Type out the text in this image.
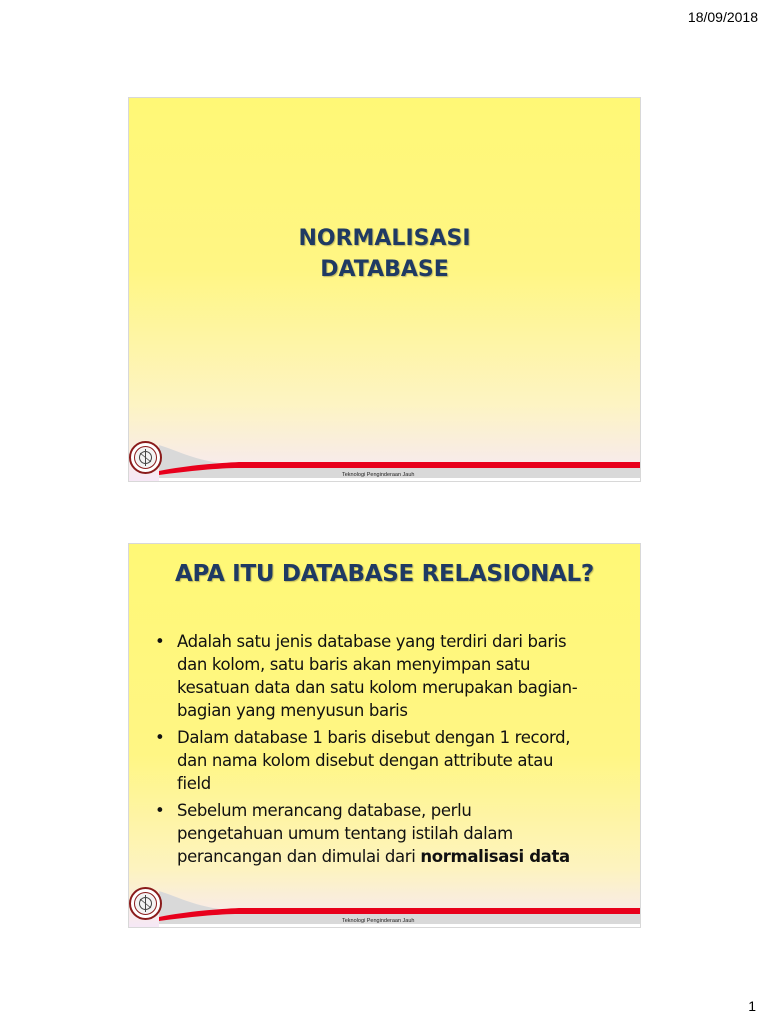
18/09/2018
NORMALISASI
DATABASE
Teknologi Penginderaan Jauh
APA ITU DATABASE RELASIONAL?
• Adalah satu jenis database yang terdiri dari baris
dan kolom, satu baris akan menyimpan satu
kesatuan data dan satu kolom merupakan bagian-
bagian yang menyusun baris
• Dalam database 1 baris disebut dengan 1 record,
dan nama kolom disebut dengan attribute atau
field
• Sebelum merancang database, perlu
pengetahuan umum tentang istilah dalam
perancangan dan dimulai dari normalisasi data
Teknologi Penginderaan Jauh
1
